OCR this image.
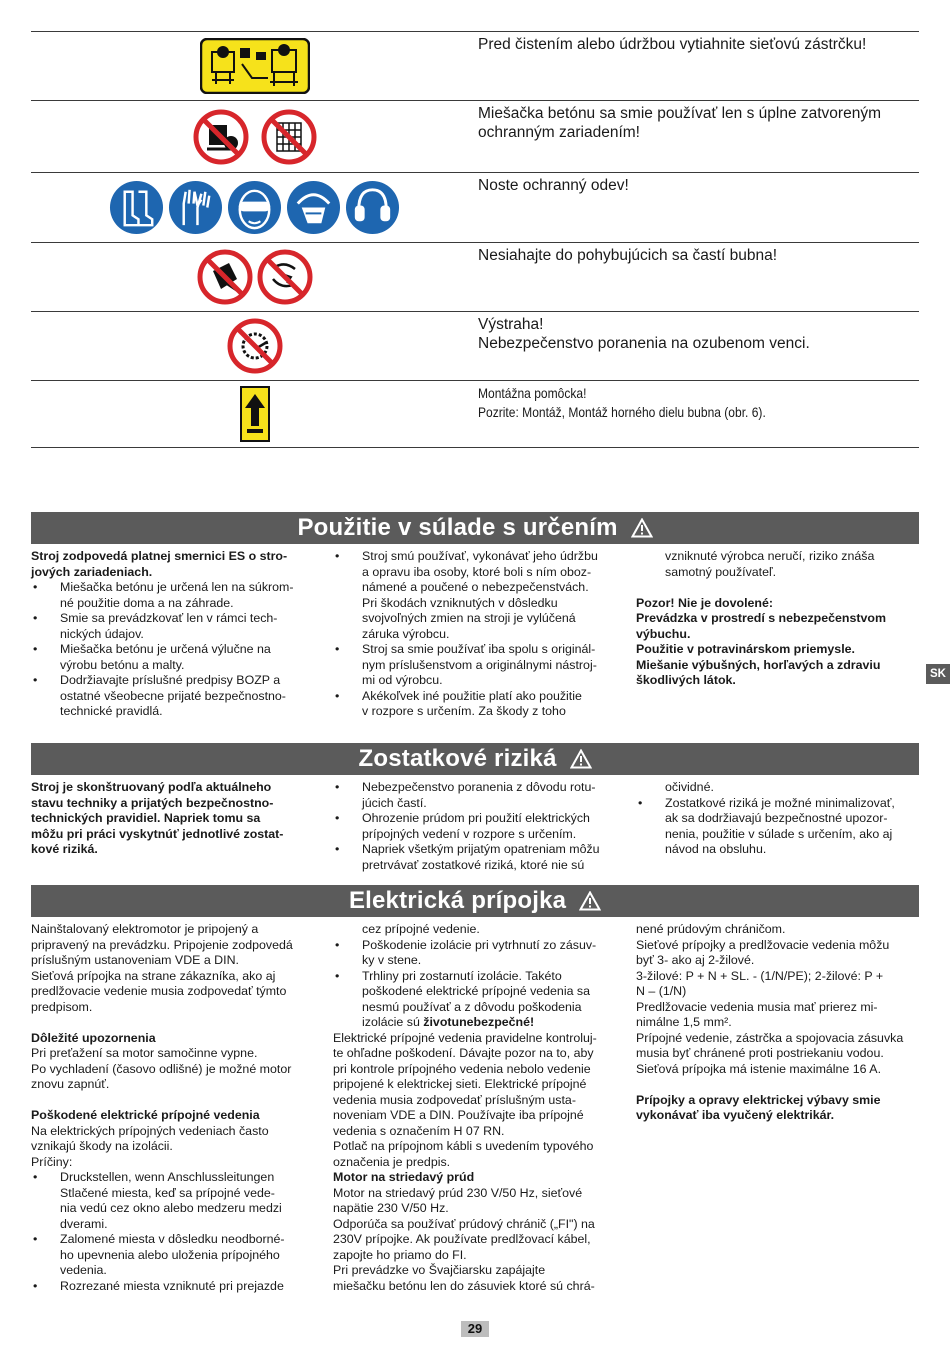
Pred čistením alebo údržbou vytiahnite sieťovú zástrčku!
Miešačka betónu sa smie používať len s úplne zatvoreným
ochranným zariadením!
Noste ochranný odev!
Nesiahajte do pohybujúcich sa častí bubna!
Výstraha!
Nebezpečenstvo poranenia na ozubenom venci.
Montážna pomôcka!
Pozrite: Montáž, Montáž horného dielu bubna (obr. 6).
Použitie v súlade s určením

Stroj zodpovedá platnej smernici ES o stro-

jových zariadeniach.

• Miešačka betónu je určená len na súkrom-

né použitie doma a na záhrade.

• Smie sa prevádzkovať len v rámci tech-

nických údajov.

• Miešačka betónu je určená výlučne na

výrobu betónu a malty.

• Dodržiavajte príslušné predpisy BOZP a

ostatné všeobecne prijaté bezpečnostno-

technické pravidlá.

• Stroj smú používať, vykonávať jeho údržbu

a opravu iba osoby, ktoré boli s ním oboz-

námené a poučené o nebezpečenstvách.

Pri škodách vzniknutých v dôsledku

svojvoľných zmien na stroji je vylúčená

záruka výrobcu.

• Stroj sa smie používať iba spolu s originál-

nym príslušenstvom a originálnymi nástroj-

mi od výrobcu.

• Akékoľvek iné použitie platí ako použitie

v rozpore s určením. Za škody z toho

vzniknuté výrobca neručí, riziko znáša

samotný používateľ.

Pozor! Nie je dovolené:

Prevádzka v prostredí s nebezpečenstvom

výbuchu.

Použitie v potravinárskom priemysle.

Miešanie výbušných, horľavých a zdraviu

škodlivých látok.	SK
Zostatkové riziká

Stroj je skonštruovaný podľa aktuálneho

stavu techniky a prijatých bezpečnostno-

technických pravidiel. Napriek tomu sa

môžu pri práci vyskytnúť jednotlivé zostat-

kové riziká.

• Nebezpečenstvo poranenia z dôvodu rotu-

júcich častí.

• Ohrozenie prúdom pri použití elektrických

prípojných vedení v rozpore s určením.

• Napriek všetkým prijatým opatreniam môžu

pretrvávať zostatkové riziká, ktoré nie sú

očividné.

• Zostatkové riziká je možné minimalizovať,

ak sa dodržiavajú bezpečnostné upozor-

nenia, použitie v súlade s určením, ako aj

návod na obsluhu.

Elektrická prípojka

Nainštalovaný elektromotor je pripojený a

pripravený na prevádzku. Pripojenie zodpovedá

príslušným ustanoveniam VDE a DIN.

Sieťová prípojka na strane zákazníka, ako aj

predlžovacie vedenie musia zodpovedať týmto

predpisom.

Dôležité upozornenia

Pri preťažení sa motor samočinne vypne.

Po vychladení (časovo odlišné) je možné motor

znovu zapnúť.

Poškodené elektrické prípojné vedenia

Na elektrických prípojných vedeniach často

vznikajú škody na izolácii.

Príčiny:

• Druckstellen, wenn Anschlussleitungen

Stlačené miesta, keď sa prípojné vede-

nia vedú cez okno alebo medzeru medzi

dverami.

• Zalomené miesta v dôsledku neodborné-

ho upevnenia alebo uloženia prípojného

vedenia.

• Rozrezané miesta vzniknuté pri prejazde

cez prípojné vedenie.

• Poškodenie izolácie pri vytrhnutí zo zásuv-

ky v stene.

• Trhliny pri zostarnutí izolácie. Takéto

poškodené elektrické prípojné vedenia sa

nesmú používať a z dôvodu poškodenia

izolácie sú životunebezpečné!

Elektrické prípojné vedenia pravidelne kontroluj-

te ohľadne poškodení. Dávajte pozor na to, aby

pri kontrole prípojného vedenia nebolo vedenie

pripojené k elektrickej sieti. Elektrické prípojné

vedenia musia zodpovedať príslušným usta-

noveniam VDE a DIN. Používajte iba prípojné

vedenia s označením H 07 RN.

Potlač na prípojnom kábli s uvedením typového

označenia je predpis.

Motor na striedavý prúd

Motor na striedavý prúd 230 V/50 Hz, sieťové

napätie 230 V/50 Hz.

Odporúča sa používať prúdový chránič („FI") na

230V prípojke. Ak používate predlžovací kábel,

zapojte ho priamo do FI.

Pri prevádzke vo Švajčiarsku zapájajte

miešačku betónu len do zásuviek ktoré sú chrá-

nené prúdovým chráničom.

Sieťové prípojky a predlžovacie vedenia môžu

byť 3- ako aj 2-žilové.

3-žilové: P + N + SL. - (1/N/PE); 2-žilové: P +

N – (1/N)

Predlžovacie vedenia musia mať prierez mi-

nimálne 1,5 mm².

Prípojné vedenie, zástrčka a spojovacia zásuvka

musia byť chránené proti postriekaniu vodou.

Sieťová prípojka má istenie maximálne 16 A.

Prípojky a opravy elektrickej výbavy smie

vykonávať iba vyučený elektrikár.

29
